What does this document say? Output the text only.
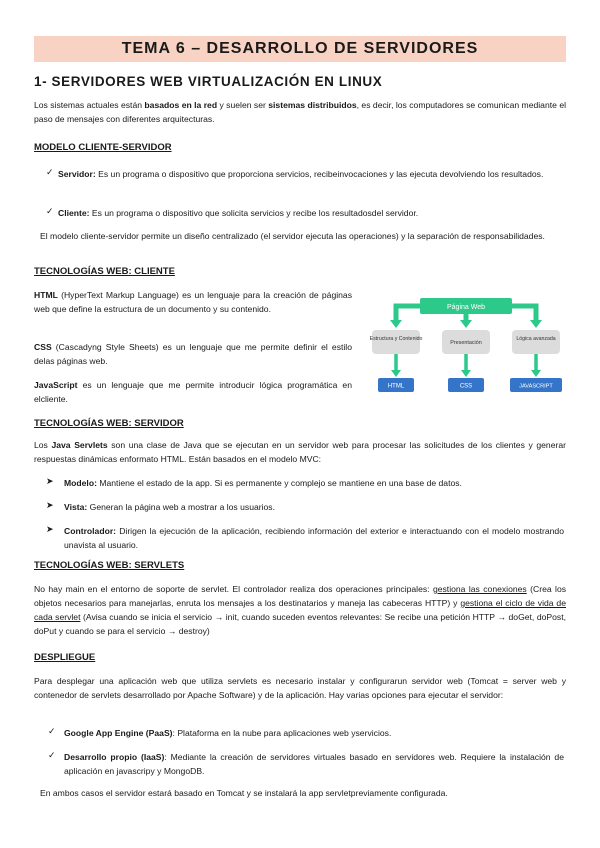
TEMA 6 – DESARROLLO DE SERVIDORES
1- SERVIDORES WEB VIRTUALIZACIÓN EN LINUX
Los sistemas actuales están basados en la red y suelen ser sistemas distribuidos, es decir, los computadores se comunican mediante el paso de mensajes con diferentes arquitecturas.
MODELO CLIENTE-SERVIDOR
✓ Servidor: Es un programa o dispositivo que proporciona servicios, recibeinvocaciones y las ejecuta devolviendo los resultados.
✓ Cliente: Es un programa o dispositivo que solicita servicios y recibe los resultadosdel servidor.
El modelo cliente-servidor permite un diseño centralizado (el servidor ejecuta las operaciones) y la separación de responsabilidades.
TECNOLOGÍAS WEB: CLIENTE
HTML (HyperText Markup Language) es un lenguaje para la creación de páginas web que define la estructura de un documento y su contenido.
CSS (Cascadyng Style Sheets) es un lenguaje que me permite definir el estilo delas páginas web.
JavaScript es un lenguaje que me permite introducir lógica programática en elcliente.
Página Web
Estructura y Contenido
Presentación
Lógica avanzada
HTML	CSS	JAVASCRIPT
TECNOLOGÍAS WEB: SERVIDOR
Los Java Servlets son una clase de Java que se ejecutan en un servidor web para procesar las solicitudes de los clientes y generar respuestas dinámicas enformato HTML. Están basados en el modelo MVC:
➤ Modelo: Mantiene el estado de la app. Si es permanente y complejo se mantiene en una base de datos.
➤ Vista: Generan la página web a mostrar a los usuarios.
➤ Controlador: Dirigen la ejecución de la aplicación, recibiendo información del exterior e interactuando con el modelo mostrando unavista al usuario.
TECNOLOGÍAS WEB: SERVLETS
No hay main en el entorno de soporte de servlet. El controlador realiza dos operaciones principales: gestiona las conexiones (Crea los objetos necesarios para manejarlas, enruta los mensajes a los destinatarios y maneja las cabeceras HTTP) y gestiona el ciclo de vida de cada servlet (Avisa cuando se inicia el servicio → init, cuando suceden eventos relevantes: Se recibe una petición HTTP → doGet, doPost, doPut y cuando se para el servicio → destroy)
DESPLIEGUE
Para desplegar una aplicación web que utiliza servlets es necesario instalar y configurarun servidor web (Tomcat = server web y contenedor de servlets desarrollado por Apache Software) y de la aplicación. Hay varias opciones para ejecutar el servidor:
✓ Google App Engine (PaaS): Plataforma en la nube para aplicaciones web yservicios.
✓ Desarrollo propio (IaaS): Mediante la creación de servidores virtuales basado en servidores web. Requiere la instalación de aplicación en javascripy y MongoDB.
En ambos casos el servidor estará basado en Tomcat y se instalará la app servletpreviamente configurada.
